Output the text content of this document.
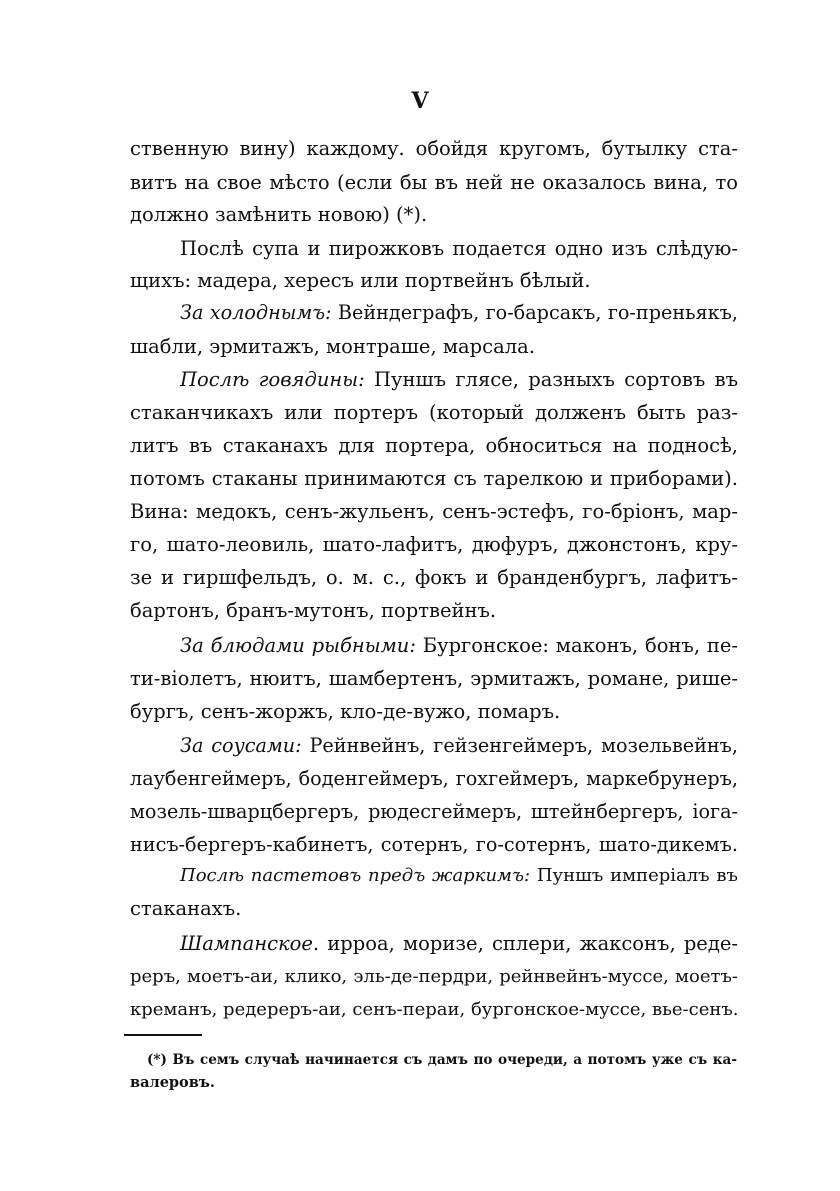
V
ственную вину) каждому. обойдя кругомъ, бутылку ста-
витъ на свое мѣсто (если бы въ ней не оказалось вина, то
должно замѣнить новою) (*).
Послѣ супа и пирожковъ подается одно изъ слѣдую-
щихъ: мадера, хересъ или портвейнъ бѣлый.
За холоднымъ: Вейндеграфъ, го-барсакъ, го-преньякъ,
шабли, эрмитажъ, монтраше, марсала.
Послѣ говядины: Пуншъ глясе, разныхъ сортовъ въ
стаканчикахъ или портеръ (который долженъ быть раз-
литъ въ стаканахъ для портера, обноситься на подносѣ,
потомъ стаканы принимаются съ тарелкою и приборами).
Вина: медокъ, сенъ-жульенъ, сенъ-эстефъ, го-бріонъ, мар-
го, шато-леовиль, шато-лафитъ, дюфуръ, джонстонъ, кру-
зе и гиршфельдъ, о. м. с., фокъ и бранденбургъ, лафитъ-
бартонъ, бранъ-мутонъ, портвейнъ.
За блюдами рыбными: Бургонское: маконъ, бонъ, пе-
ти-віолетъ, нюитъ, шамбертенъ, эрмитажъ, романе, рише-
бургъ, сенъ-жоржъ, кло-де-вужо, помаръ.
За соусами: Рейнвейнъ, гейзенгеймеръ, мозельвейнъ,
лаубенгеймеръ, боденгеймеръ, гохгеймеръ, маркебрунеръ,
мозель-шварцбергеръ, рюдесгеймеръ, штейнбергеръ, іога-
нисъ-бергеръ-кабинетъ, сотернъ, го-сотернъ, шато-дикемъ.
Послѣ пастетовъ предъ жаркимъ: Пуншъ имперіалъ въ
стаканахъ.
Шампанское. ирроа, моризе, сплери, жаксонъ, реде-
реръ, моетъ-аи, клико, эль-де-пердри, рейнвейнъ-муссе, моетъ-
креманъ, редереръ-аи, сенъ-пераи, бургонское-муссе, вье-сенъ.
(*) Въ семъ случаѣ начинается съ дамъ по очереди, а потомъ уже съ ка-
валеровъ.
